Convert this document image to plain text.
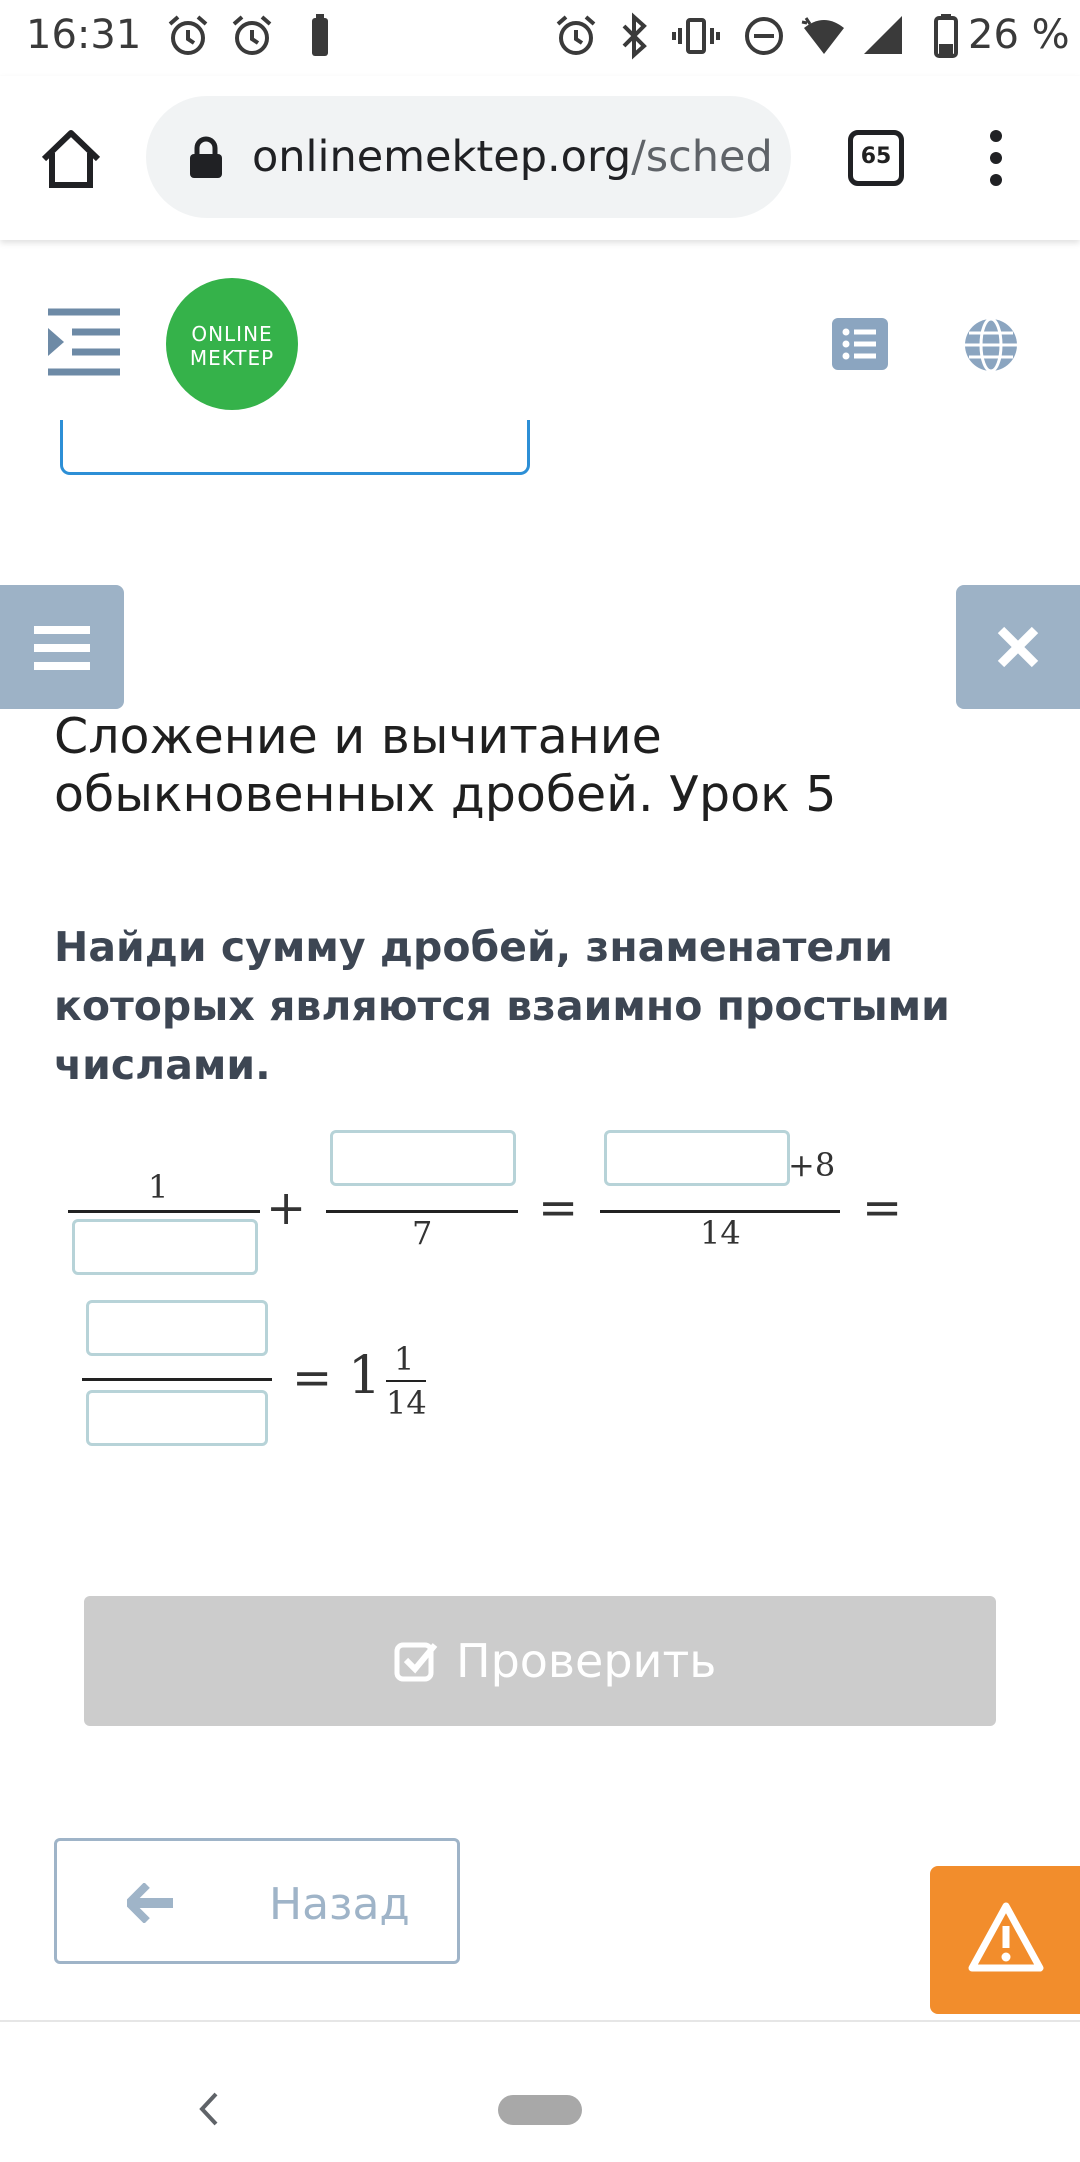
16:31	26 %
onlinemektep.org/sched	65
ONLINE
MEKTEP
Сложение и вычитание обыкновенных дробей. Урок 5
Найди сумму дробей, знаменатели которых являются взаимно простыми числами.
1 +	7 =
+8
14	=
= 1 1
14
Проверить
Назад
